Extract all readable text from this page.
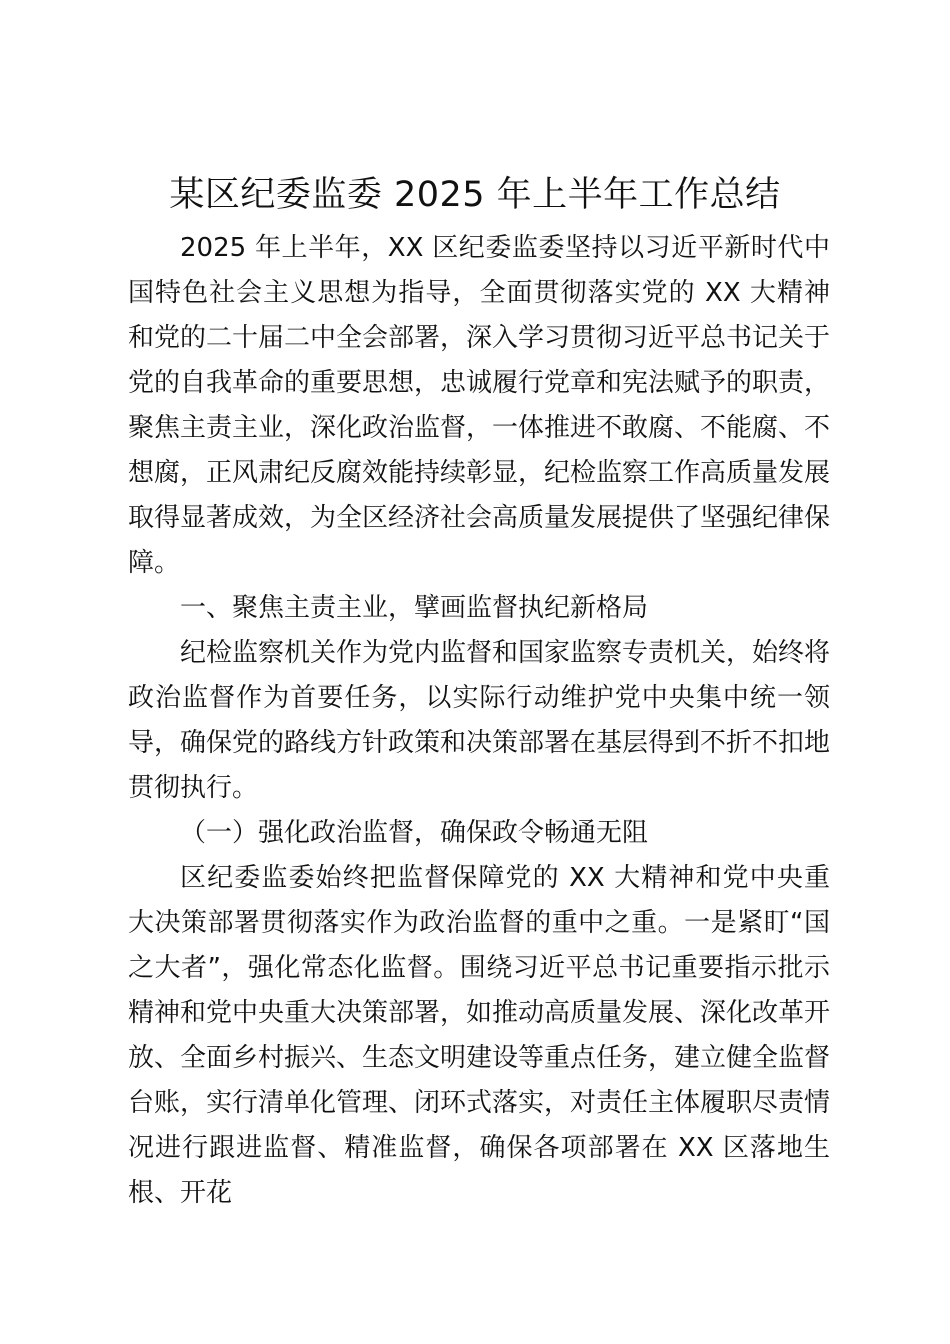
某区纪委监委 2025 年上半年工作总结

2025 年上半年，XX 区纪委监委坚持以习近平新时代中国特色社会主义思想为指导，全面贯彻落实党的 XX 大精神和党的二十届二中全会部署，深入学习贯彻习近平总书记关于党的自我革命的重要思想，忠诚履行党章和宪法赋予的职责，聚焦主责主业，深化政治监督，一体推进不敢腐、不能腐、不想腐，正风肃纪反腐效能持续彰显，纪检监察工作高质量发展取得显著成效，为全区经济社会高质量发展提供了坚强纪律保障。

一、聚焦主责主业，擘画监督执纪新格局

纪检监察机关作为党内监督和国家监察专责机关，始终将政治监督作为首要任务，以实际行动维护党中央集中统一领导，确保党的路线方针政策和决策部署在基层得到不折不扣地贯彻执行。

（一）强化政治监督，确保政令畅通无阻

区纪委监委始终把监督保障党的 XX 大精神和党中央重大决策部署贯彻落实作为政治监督的重中之重。一是紧盯“国之大者”，强化常态化监督。围绕习近平总书记重要指示批示精神和党中央重大决策部署，如推动高质量发展、深化改革开放、全面乡村振兴、生态文明建设等重点任务，建立健全监督台账，实行清单化管理、闭环式落实，对责任主体履职尽责情况进行跟进监督、精准监督，确保各项部署在 XX 区落地生根、开花
